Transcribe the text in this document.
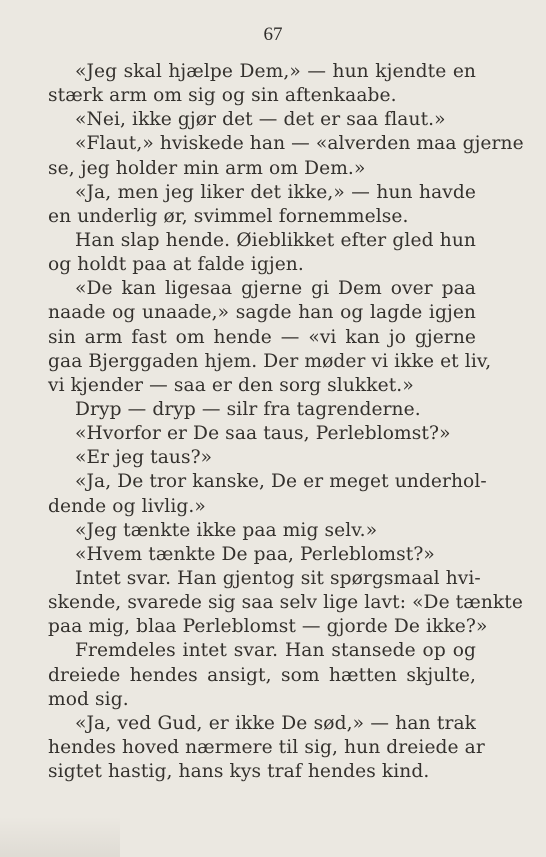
67

«Jeg skal hjælpe Dem,» — hun kjendte en
stærk arm om sig og sin aftenkaabe.
«Nei, ikke gjør det — det er saa flaut.»
«Flaut,» hviskede han — «alverden maa gjerne
se, jeg holder min arm om Dem.»
«Ja, men jeg liker det ikke,» — hun havde
en underlig ør, svimmel fornemmelse.
Han slap hende. Øieblikket efter gled hun
og holdt paa at falde igjen.
«De kan ligesaa gjerne gi Dem over paa
naade og unaade,» sagde han og lagde igjen
sin arm fast om hende — «vi kan jo gjerne
gaa Bjerggaden hjem. Der møder vi ikke et liv,
vi kjender — saa er den sorg slukket.»
Dryp — dryp — silr fra tagrenderne.
«Hvorfor er De saa taus, Perleblomst?»
«Er jeg taus?»
«Ja, De tror kanske, De er meget underhol-
dende og livlig.»
«Jeg tænkte ikke paa mig selv.»
«Hvem tænkte De paa, Perleblomst?»
Intet svar. Han gjentog sit spørgsmaal hvi-
skende, svarede sig saa selv lige lavt: «De tænkte
paa mig, blaa Perleblomst — gjorde De ikke?»
Fremdeles intet svar. Han stansede op og
dreiede hendes ansigt, som hætten skjulte,
mod sig.
«Ja, ved Gud, er ikke De sød,» — han trak
hendes hoved nærmere til sig, hun dreiede ar
sigtet hastig, hans kys traf hendes kind.
